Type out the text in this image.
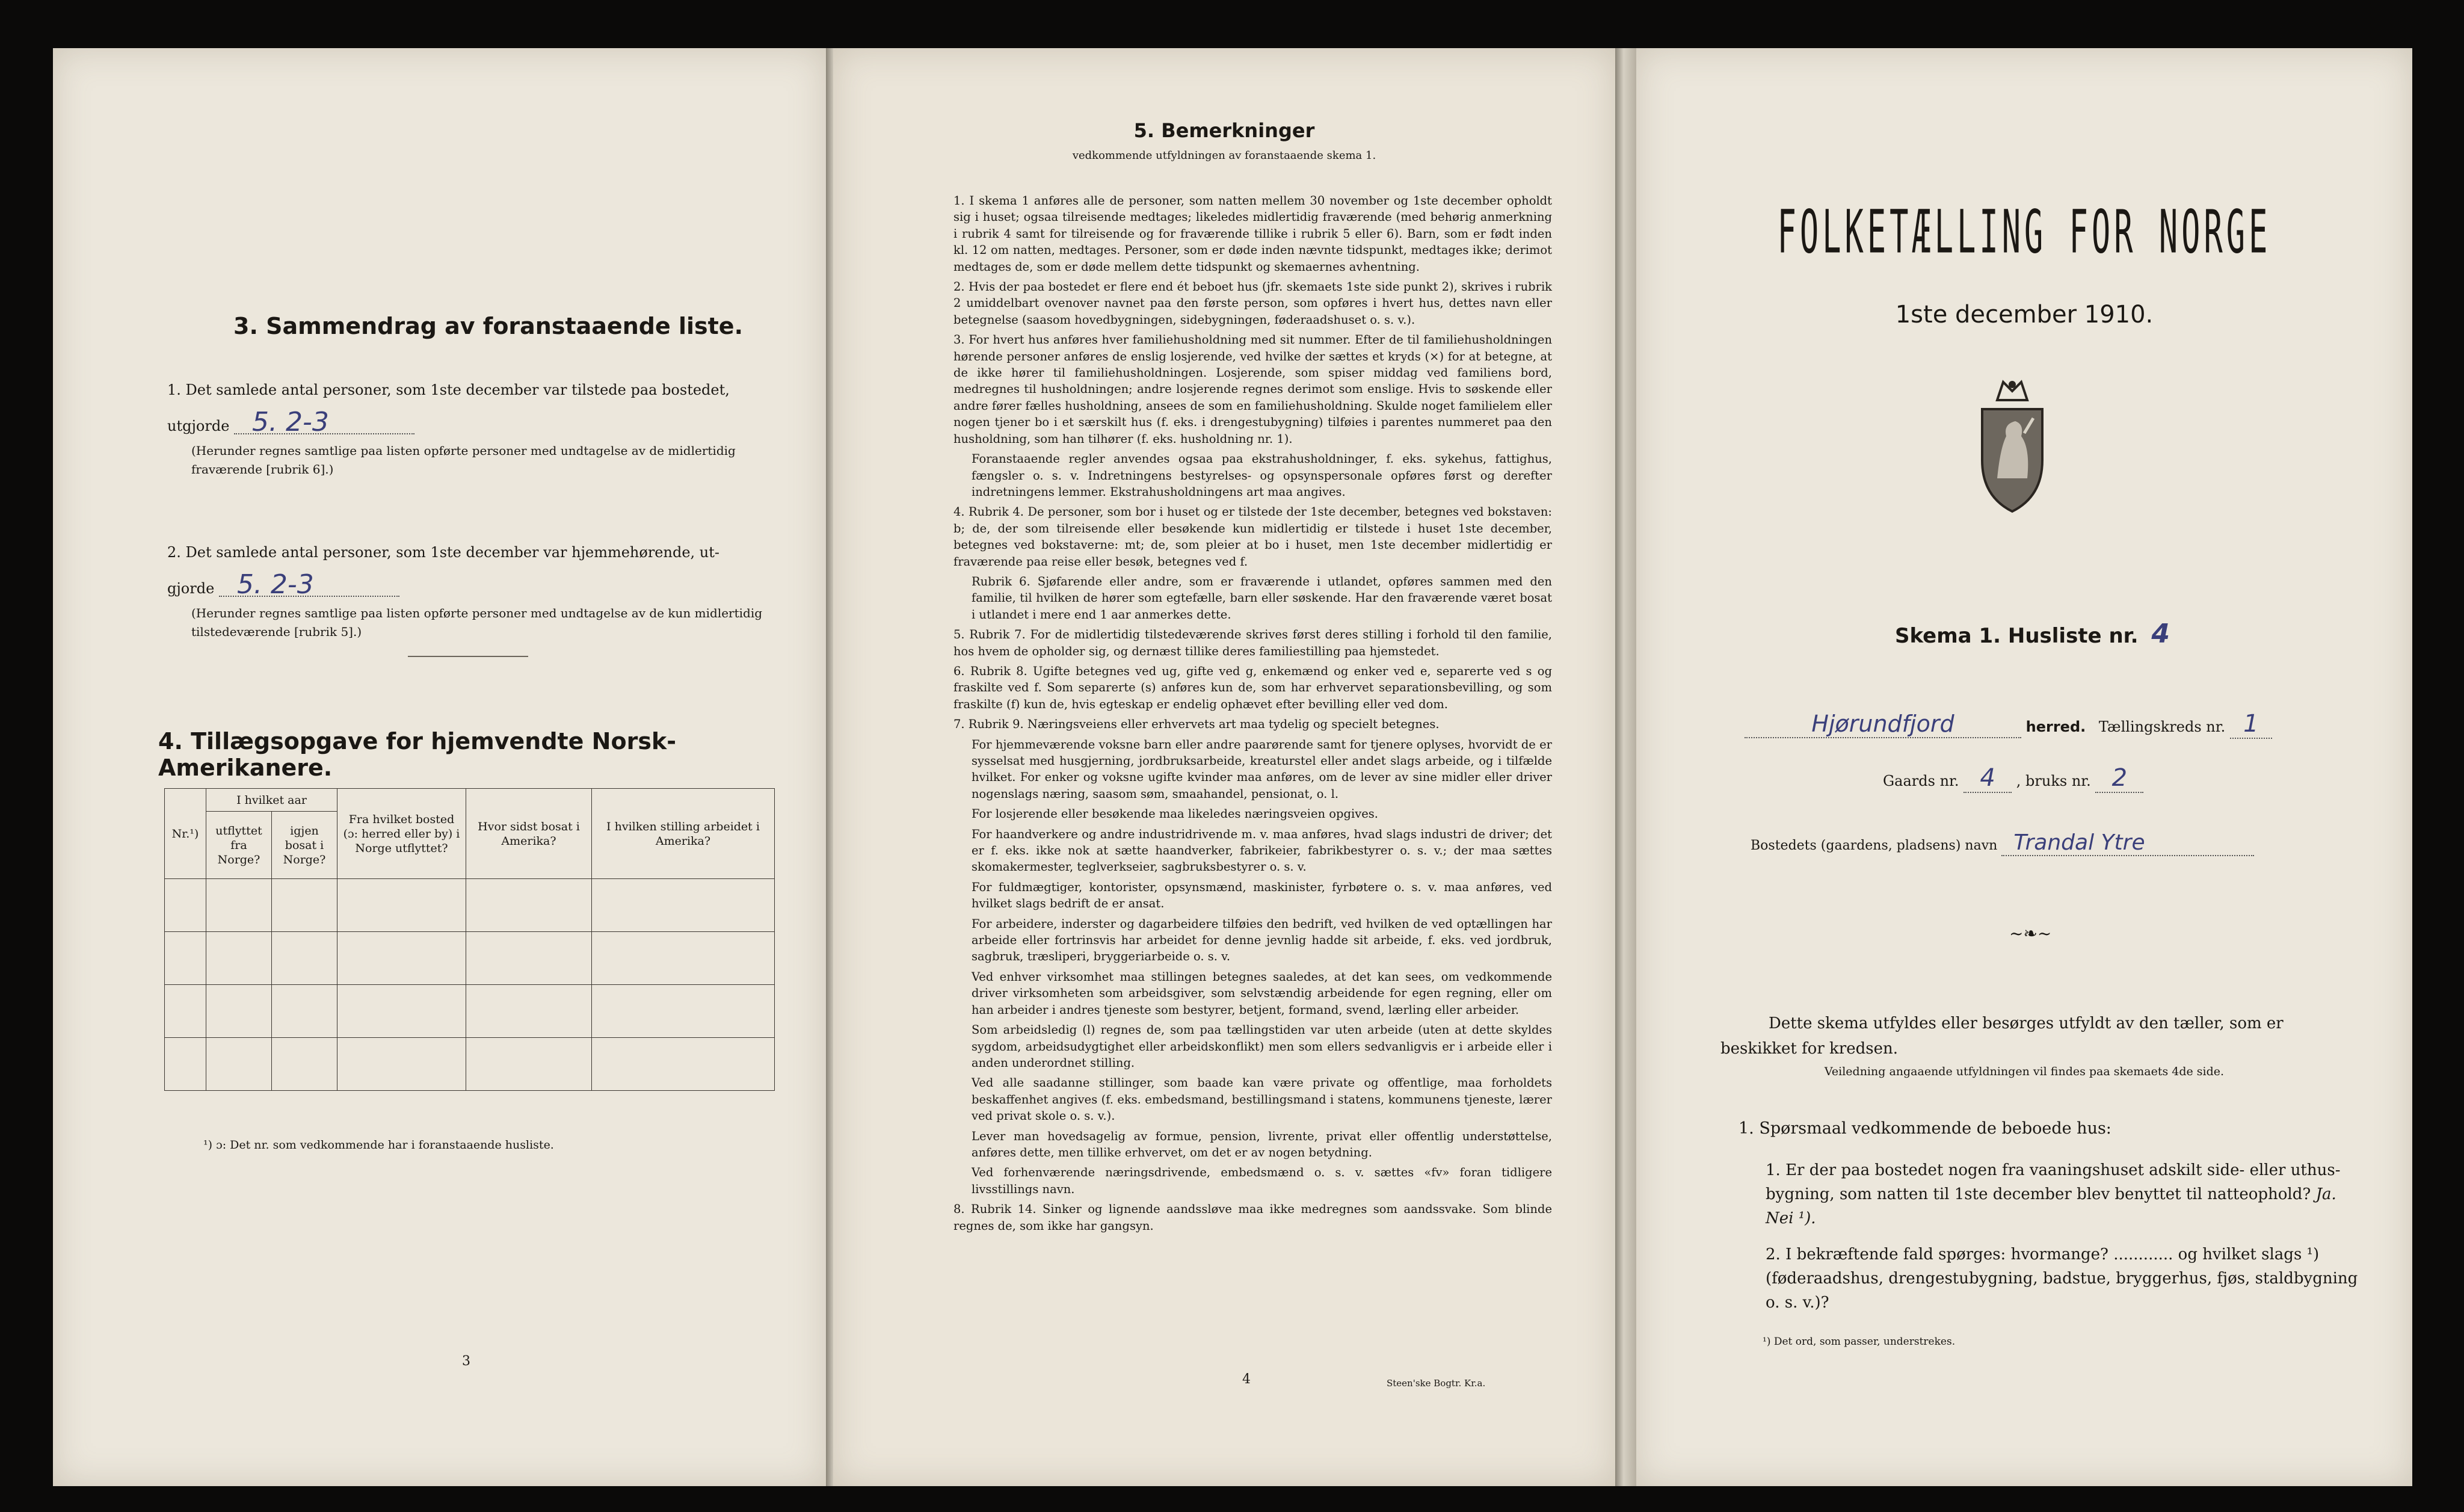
3. Sammendrag av foranstaaende liste.
1. Det samlede antal personer, som 1ste december var tilstede paa bostedet,
utgjorde 5. 2-3
(Herunder regnes samtlige paa listen opførte personer med undtagelse av de midlertidig fraværende [rubrik 6].)
2. Det samlede antal personer, som 1ste december var hjemmehørende, ut-
gjorde 5. 2-3
(Herunder regnes samtlige paa listen opførte personer med undtagelse av de kun midlertidig tilstedeværende [rubrik 5].)
4. Tillægsopgave for hjemvendte Norsk-Amerikanere.
Nr.¹)	I hvilket aar		Fra hvilket bosted (ɔ: herred eller by) i Norge utflyttet?	Hvor sidst bosat i Amerika?	I hvilken stilling arbeidet i Amerika?
	utflyttet fra Norge?	igjen bosat i Norge?			

¹) ɔ: Det nr. som vedkommende har i foranstaaende husliste.
3
5. Bemerkninger
vedkommende utfyldningen av foranstaaende skema 1.
1. I skema 1 anføres alle de personer, som natten mellem 30 november og 1ste december opholdt sig i huset; ogsaa tilreisende medtages; likeledes midlertidig fraværende (med behørig anmerkning i rubrik 4 samt for tilreisende og for fraværende tillike i rubrik 5 eller 6). Barn, som er født inden kl. 12 om natten, medtages. Personer, som er døde inden nævnte tidspunkt, medtages ikke; derimot medtages de, som er døde mellem dette tidspunkt og skemaernes avhentning.
2. Hvis der paa bostedet er flere end ét beboet hus (jfr. skemaets 1ste side punkt 2), skrives i rubrik 2 umiddelbart ovenover navnet paa den første person, som opføres i hvert hus, dettes navn eller betegnelse (saasom hovedbygningen, sidebygningen, føderaadshuset o. s. v.).
3. For hvert hus anføres hver familiehusholdning med sit nummer. Efter de til familiehusholdningen hørende personer anføres de enslig losjerende, ved hvilke der sættes et kryds (×) for at betegne, at de ikke hører til familiehusholdningen. Losjerende, som spiser middag ved familiens bord, medregnes til husholdningen; andre losjerende regnes derimot som enslige. Hvis to søskende eller andre fører fælles husholdning, ansees de som en familiehusholdning. Skulde noget familielem eller nogen tjener bo i et særskilt hus (f. eks. i drengestubygning) tilføies i parentes nummeret paa den husholdning, som han tilhører (f. eks. husholdning nr. 1).
Foranstaaende regler anvendes ogsaa paa ekstrahusholdninger, f. eks. sykehus, fattighus, fængsler o. s. v. Indretningens bestyrelses- og opsynspersonale opføres først og derefter indretningens lemmer. Ekstrahusholdningens art maa angives.
4. Rubrik 4. De personer, som bor i huset og er tilstede der 1ste december, betegnes ved bokstaven: b; de, der som tilreisende eller besøkende kun midlertidig er tilstede i huset 1ste december, betegnes ved bokstaverne: mt; de, som pleier at bo i huset, men 1ste december midlertidig er fraværende paa reise eller besøk, betegnes ved f.
Rubrik 6. Sjøfarende eller andre, som er fraværende i utlandet, opføres sammen med den familie, til hvilken de hører som egtefælle, barn eller søskende. Har den fraværende været bosat i utlandet i mere end 1 aar anmerkes dette.
5. Rubrik 7. For de midlertidig tilstedeværende skrives først deres stilling i forhold til den familie, hos hvem de opholder sig, og dernæst tillike deres familiestilling paa hjemstedet.
6. Rubrik 8. Ugifte betegnes ved ug, gifte ved g, enkemænd og enker ved e, separerte ved s og fraskilte ved f. Som separerte (s) anføres kun de, som har erhvervet separationsbevilling, og som fraskilte (f) kun de, hvis egteskap er endelig ophævet efter bevilling eller ved dom.
7. Rubrik 9. Næringsveiens eller erhvervets art maa tydelig og specielt betegnes.
For hjemmeværende voksne barn eller andre paarørende samt for tjenere oplyses, hvorvidt de er sysselsat med husgjerning, jordbruksarbeide, kreaturstel eller andet slags arbeide, og i tilfælde hvilket. For enker og voksne ugifte kvinder maa anføres, om de lever av sine midler eller driver nogenslags næring, saasom søm, smaahandel, pensionat, o. l.
For losjerende eller besøkende maa likeledes næringsveien opgives.
For haandverkere og andre industridrivende m. v. maa anføres, hvad slags industri de driver; det er f. eks. ikke nok at sætte haandverker, fabrikeier, fabrikbestyrer o. s. v.; der maa sættes skomakermester, teglverkseier, sagbruksbestyrer o. s. v.
For fuldmægtiger, kontorister, opsynsmænd, maskinister, fyrbøtere o. s. v. maa anføres, ved hvilket slags bedrift de er ansat.
For arbeidere, inderster og dagarbeidere tilføies den bedrift, ved hvilken de ved optællingen har arbeide eller fortrinsvis har arbeidet for denne jevnlig hadde sit arbeide, f. eks. ved jordbruk, sagbruk, træsliperi, bryggeriarbeide o. s. v.
Ved enhver virksomhet maa stillingen betegnes saaledes, at det kan sees, om vedkommende driver virksomheten som arbeidsgiver, som selvstændig arbeidende for egen regning, eller om han arbeider i andres tjeneste som bestyrer, betjent, formand, svend, lærling eller arbeider.
Som arbeidsledig (l) regnes de, som paa tællingstiden var uten arbeide (uten at dette skyldes sygdom, arbeidsudygtighet eller arbeidskonflikt) men som ellers sedvanligvis er i arbeide eller i anden underordnet stilling.
Ved alle saadanne stillinger, som baade kan være private og offentlige, maa forholdets beskaffenhet angives (f. eks. embedsmand, bestillingsmand i statens, kommunens tjeneste, lærer ved privat skole o. s. v.).
Lever man hovedsagelig av formue, pension, livrente, privat eller offentlig understøttelse, anføres dette, men tillike erhvervet, om det er av nogen betydning.
Ved forhenværende næringsdrivende, embedsmænd o. s. v. sættes «fv» foran tidligere livsstillings navn.
8. Rubrik 14. Sinker og lignende aandssløve maa ikke medregnes som aandssvake. Som blinde regnes de, som ikke har gangsyn.
4	Steen'ske Bogtr. Kr.a.
FOLKETÆLLING FOR NORGE
1ste december 1910.
Skema 1. Husliste nr. 4
Hjørundfjord	herred. Tællingskreds nr. 1
Gaards nr. 4 , bruks nr. 2
Bostedets (gaardens, pladsens) navn Trandal Ytre
~❧~
Dette skema utfyldes eller besørges utfyldt av den tæller, som er beskikket for kredsen.
Veiledning angaaende utfyldningen vil findes paa skemaets 4de side.
1. Spørsmaal vedkommende de beboede hus:
1. Er der paa bostedet nogen fra vaaningshuset adskilt side- eller uthus-bygning, som natten til 1ste december blev benyttet til natteophold? Ja. Nei ¹).
2. I bekræftende fald spørges: hvormange? ............ og hvilket slags ¹) (føderaadshus, drengestubygning, badstue, bryggerhus, fjøs, staldbygning o. s. v.)?
¹) Det ord, som passer, understrekes.
